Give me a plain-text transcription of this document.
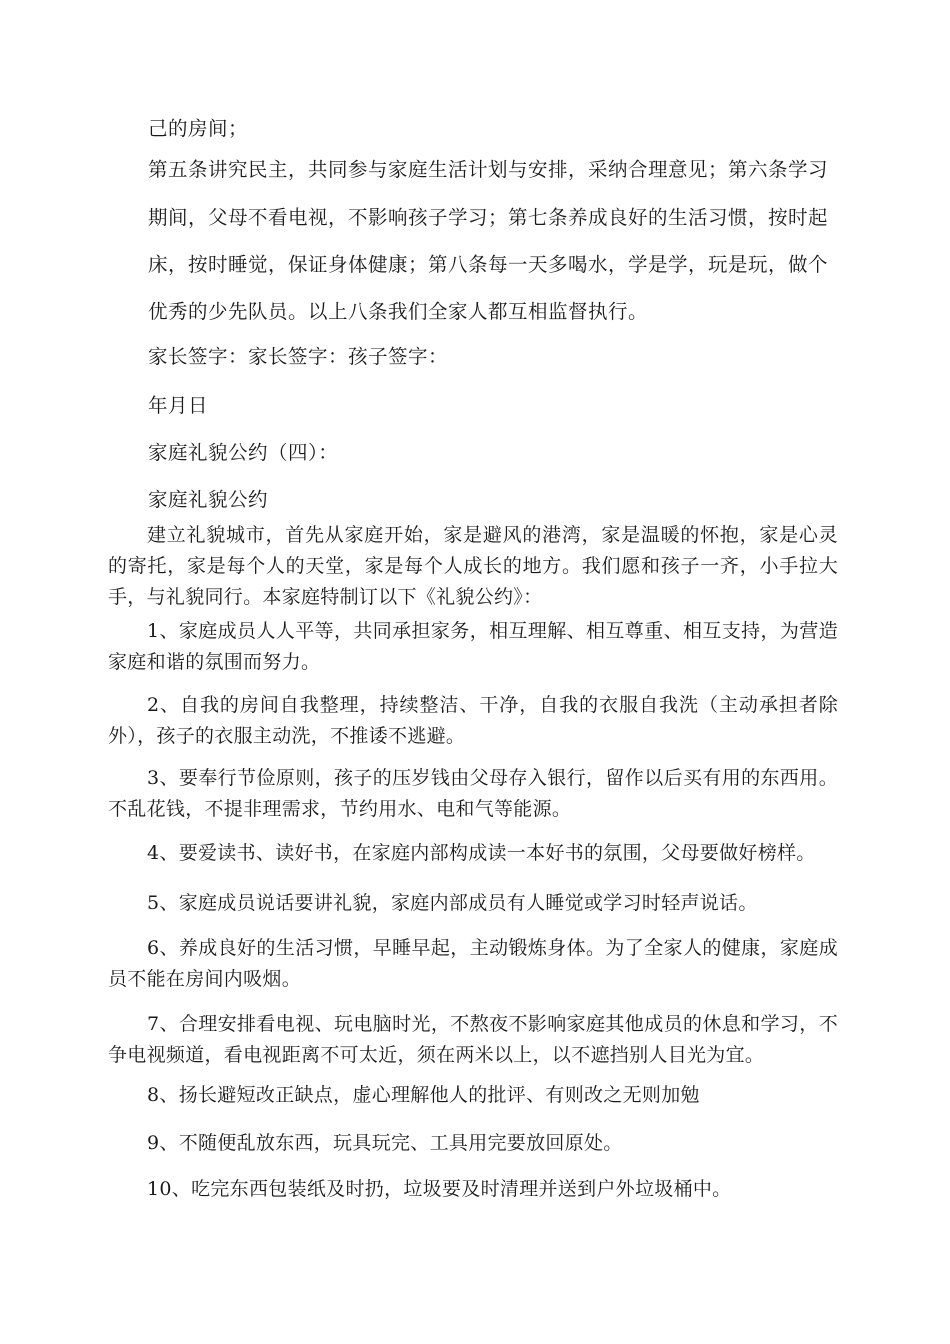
己的房间；
第五条讲究民主，共同参与家庭生活计划与安排，采纳合理意见；第六条学习
期间，父母不看电视，不影响孩子学习；第七条养成良好的生活习惯，按时起
床，按时睡觉，保证身体健康；第八条每一天多喝水，学是学，玩是玩，做个
优秀的少先队员。以上八条我们全家人都互相监督执行。
家长签字：家长签字：孩子签字：
年月日
家庭礼貌公约（四）：
家庭礼貌公约

建立礼貌城市，首先从家庭开始，家是避风的港湾，家是温暖的怀抱，家是心灵的寄托，家是每个人的天堂，家是每个人成长的地方。我们愿和孩子一齐，小手拉大手，与礼貌同行。本家庭特制订以下《礼貌公约》：

1、家庭成员人人平等，共同承担家务，相互理解、相互尊重、相互支持，为营造家庭和谐的氛围而努力。

2、自我的房间自我整理，持续整洁、干净，自我的衣服自我洗（主动承担者除外），孩子的衣服主动洗，不推诿不逃避。

3、要奉行节俭原则，孩子的压岁钱由父母存入银行，留作以后买有用的东西用。不乱花钱，不提非理需求，节约用水、电和气等能源。

4、要爱读书、读好书，在家庭内部构成读一本好书的氛围，父母要做好榜样。

5、家庭成员说话要讲礼貌，家庭内部成员有人睡觉或学习时轻声说话。

6、养成良好的生活习惯，早睡早起，主动锻炼身体。为了全家人的健康，家庭成员不能在房间内吸烟。

7、合理安排看电视、玩电脑时光，不熬夜不影响家庭其他成员的休息和学习，不争电视频道，看电视距离不可太近，须在两米以上，以不遮挡别人目光为宜。

8、扬长避短改正缺点，虚心理解他人的批评、有则改之无则加勉

9、不随便乱放东西，玩具玩完、工具用完要放回原处。

10、吃完东西包装纸及时扔，垃圾要及时清理并送到户外垃圾桶中。
